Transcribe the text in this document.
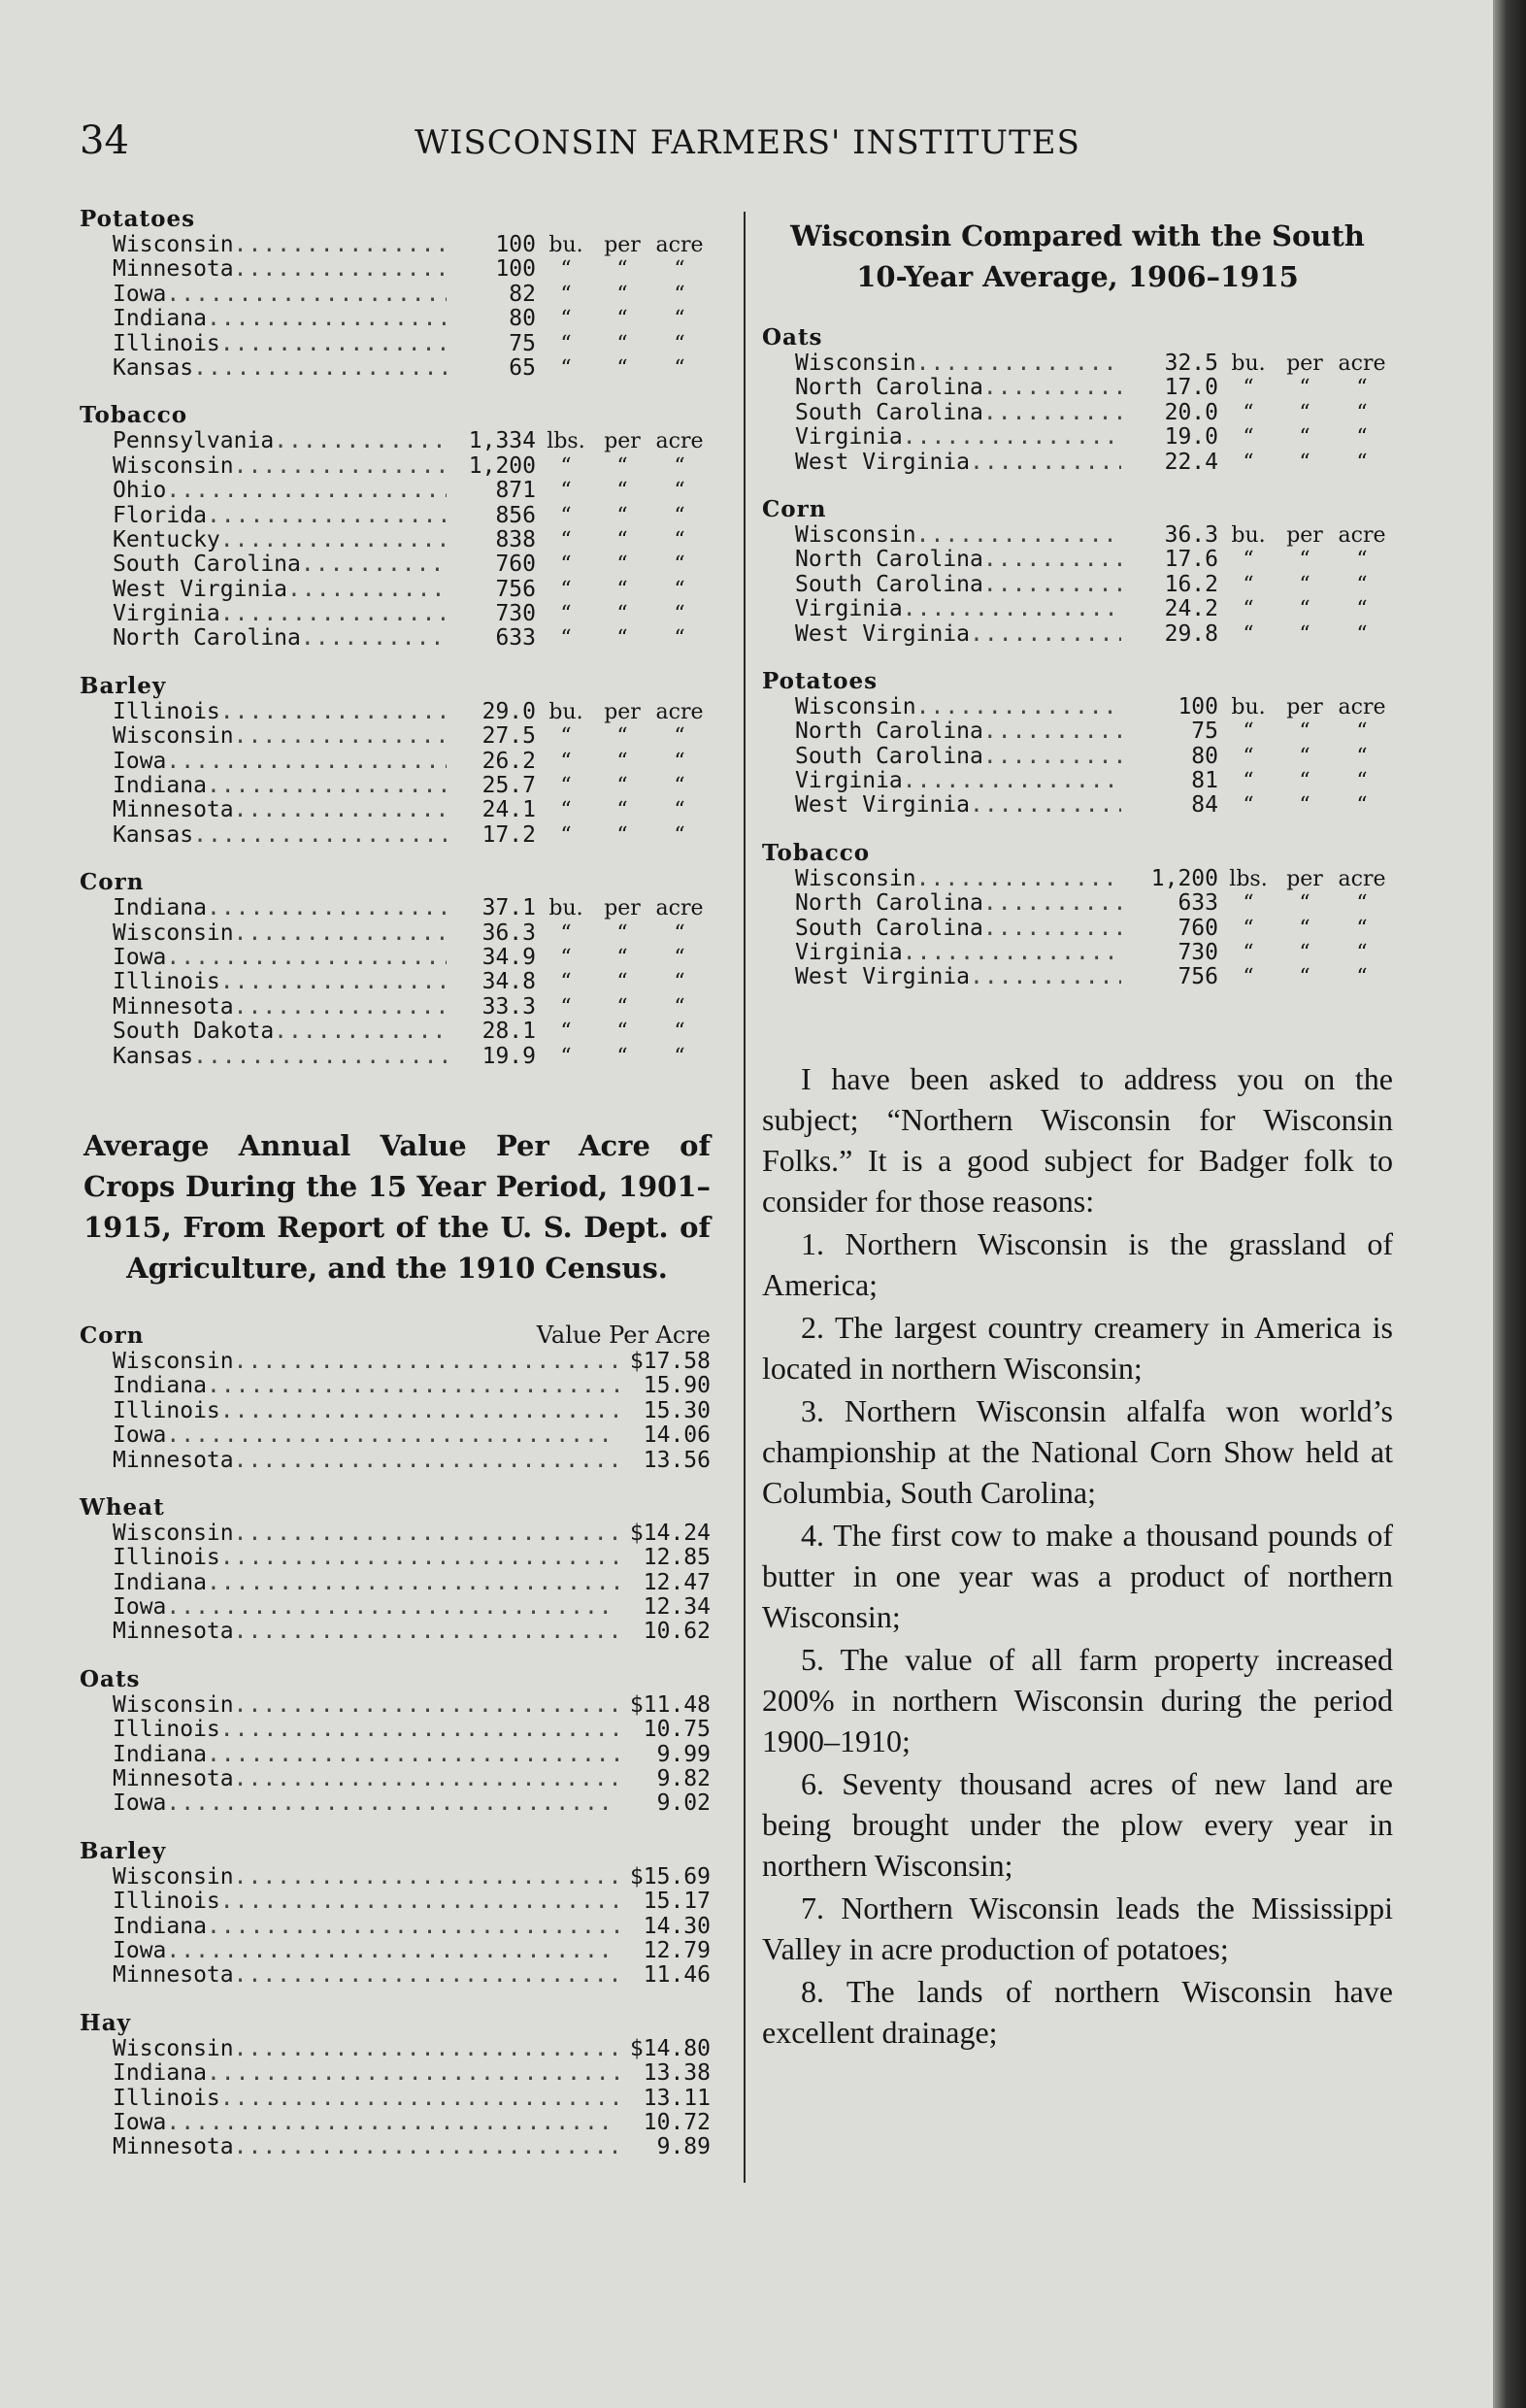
34	WISCONSIN FARMERS' INSTITUTES
Potatoes
Wisconsin .....	100 bu. per acre
Minnesota .....	100	“	“	“
Iowa .....	82	“	“	“
Indiana .....	80	“	“	“
Illinois .....	75	“	“	“
Kansas .....	65	“	“	“
Tobacco
Pennsylvania .....	1,334 lbs. per acre
Wisconsin .....	1,200	“	“	“
Ohio .....	871	“	“	“
Florida .....	856	“	“	“
Kentucky .....	838	“	“	“
South Carolina .....	760	“	“	“
West Virginia .....	756	“	“	“
Virginia .....	730	“	“	“
North Carolina .....	633	“	“	“
Barley
Illinois .....	29.0 bu. per acre
Wisconsin .....	27.5	“	“	“
Iowa .....	26.2	“	“	“
Indiana .....	25.7	“	“	“
Minnesota .....	24.1	“	“	“
Kansas .....	17.2	“	“	“
Corn
Indiana .....	37.1 bu. per acre
Wisconsin .....	36.3	“	“	“
Iowa .....	34.9	“	“	“
Illinois .....	34.8	“	“	“
Minnesota .....	33.3	“	“	“
South Dakota .....	28.1	“	“	“
Kansas .....	19.9	“	“	“
Average Annual Value Per Acre of Crops During the 15 Year Period, 1901–1915, From Report of the U. S. Dept. of Agriculture, and the 1910 Census.
Corn	Value Per Acre
Wisconsin .....	$17.58
Indiana .....	15.90
Illinois .....	15.30
Iowa .....	14.06
Minnesota .....	13.56
Wheat
Wisconsin .....	$14.24
Illinois .....	12.85
Indiana .....	12.47
Iowa .....	12.34
Minnesota .....	10.62
Oats
Wisconsin .....	$11.48
Illinois .....	10.75
Indiana .....	9.99
Minnesota .....	9.82
Iowa .....	9.02
Barley
Wisconsin .....	$15.69
Illinois .....	15.17
Indiana .....	14.30
Iowa .....	12.79
Minnesota .....	11.46
Hay
Wisconsin .....	$14.80
Indiana .....	13.38
Illinois .....	13.11
Iowa .....	10.72
Minnesota .....	9.89
Wisconsin Compared with the South 10-Year Average, 1906–1915
Oats
Wisconsin .....	32.5 bu. per acre
North Carolina .....	17.0	“	“	“
South Carolina .....	20.0	“	“	“
Virginia .....	19.0	“	“	“
West Virginia .....	22.4	“	“	“
Corn
Wisconsin .....	36.3 bu. per acre
North Carolina .....	17.6	“	“	“
South Carolina .....	16.2	“	“	“
Virginia .....	24.2	“	“	“
West Virginia .....	29.8	“	“	“
Potatoes
Wisconsin .....	100 bu. per acre
North Carolina .....	75	“	“	“
South Carolina .....	80	“	“	“
Virginia .....	81	“	“	“
West Virginia .....	84	“	“	“
Tobacco
Wisconsin .....	1,200 lbs. per acre
North Carolina .....	633	“	“	“
South Carolina .....	760	“	“	“
Virginia .....	730	“	“	“
West Virginia .....	756	“	“	“

I have been asked to address you on the subject; “Northern Wisconsin for Wisconsin Folks.” It is a good subject for Badger folk to consider for those reasons:

1. Northern Wisconsin is the grassland of America;

2. The largest country creamery in America is located in northern Wisconsin;

3. Northern Wisconsin alfalfa won world’s championship at the National Corn Show held at Columbia, South Carolina;

4. The first cow to make a thousand pounds of butter in one year was a product of northern Wisconsin;

5. The value of all farm property increased 200% in northern Wisconsin during the period 1900–1910;

6. Seventy thousand acres of new land are being brought under the plow every year in northern Wisconsin;

7. Northern Wisconsin leads the Mississippi Valley in acre production of potatoes;

8. The lands of northern Wisconsin have excellent drainage;
